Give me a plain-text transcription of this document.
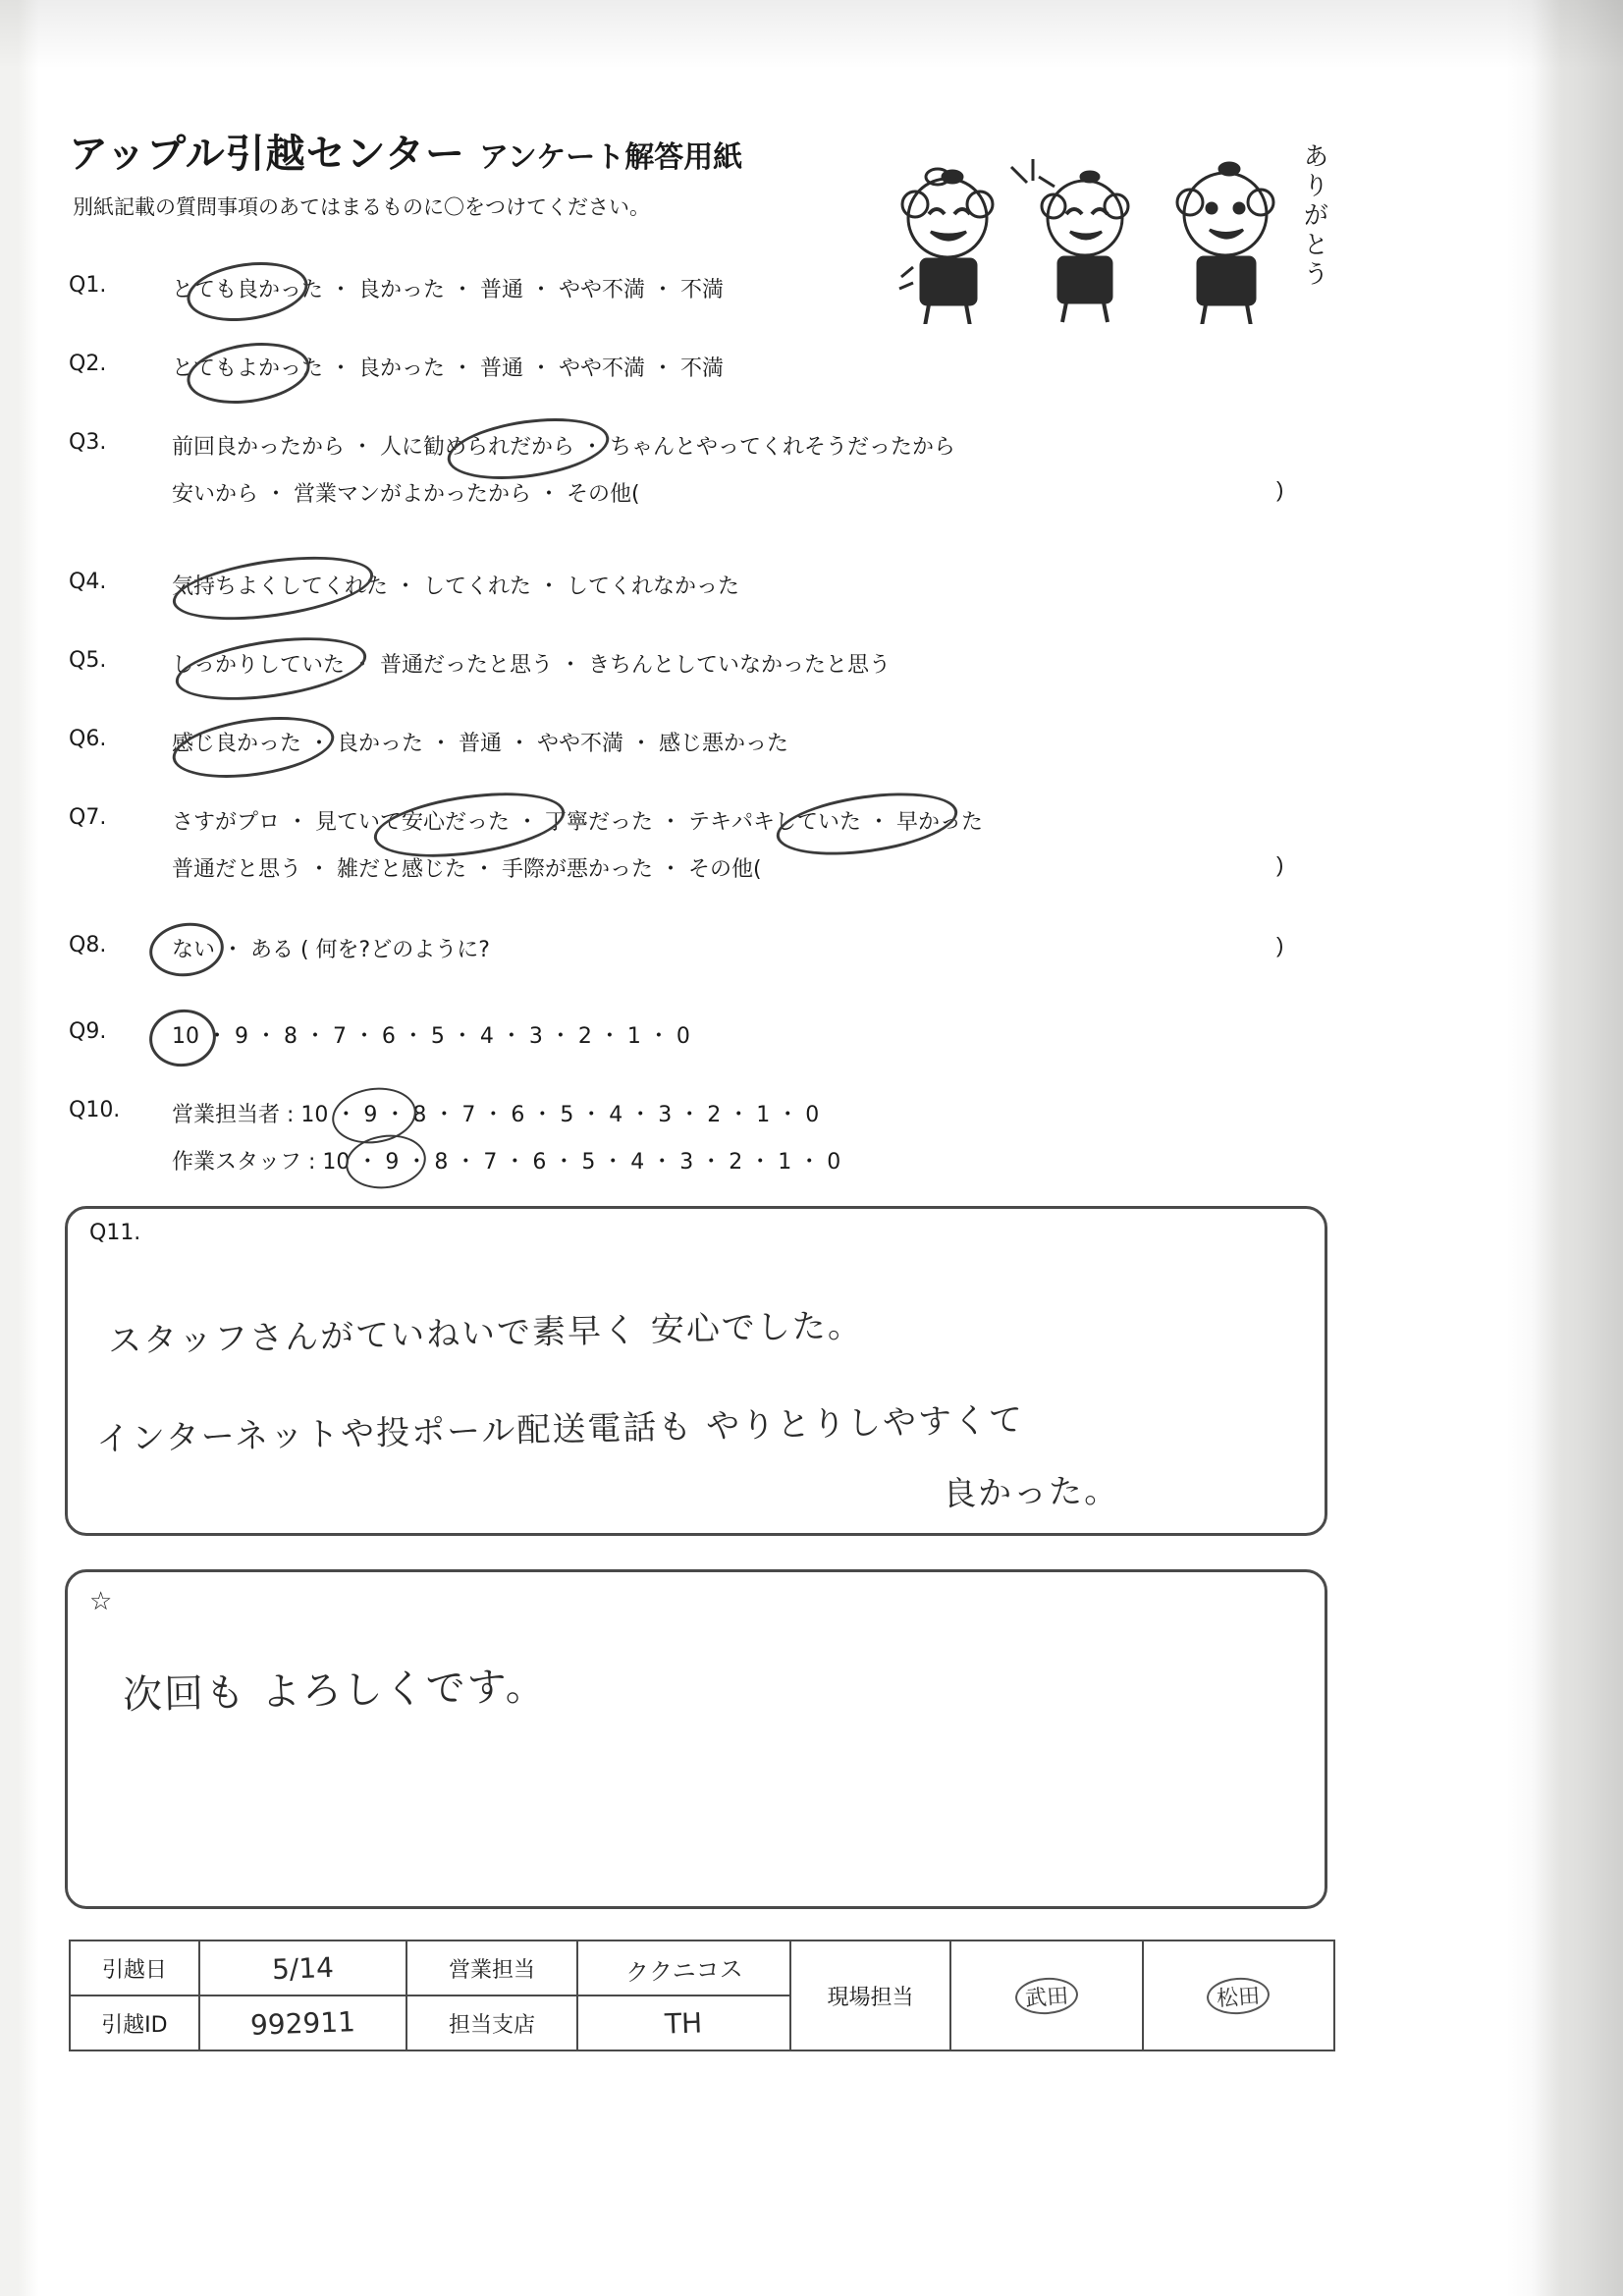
アップル引越センター アンケート解答用紙
別紙記載の質問事項のあてはまるものに〇をつけてください。	ありがとう
Q1.	とても良かった ・ 良かった ・ 普通 ・ やや不満 ・ 不満
Q2.	とてもよかった ・ 良かった ・ 普通 ・ やや不満 ・ 不満
Q3.	前回良かったから ・ 人に勧められだから ・ ちゃんとやってくれそうだったから
安いから ・ 営業マンがよかったから ・ その他(	)
Q4.	気持ちよくしてくれた ・ してくれた ・ してくれなかった
Q5.	しっかりしていた ・ 普通だったと思う ・ きちんとしていなかったと思う
Q6.	感じ良かった ・ 良かった ・ 普通 ・ やや不満 ・ 感じ悪かった
Q7.	さすがプロ ・ 見ていて安心だった ・ 丁寧だった ・ テキパキしていた ・ 早かった
普通だと思う ・ 雑だと感じた ・ 手際が悪かった ・ その他(	)
Q8.	ない ・ ある ( 何を?どのように?	)
Q9.	10 ・ 9 ・ 8 ・ 7 ・ 6 ・ 5 ・ 4 ・ 3 ・ 2 ・ 1 ・ 0
Q10.	営業担当者 : 10 ・ 9 ・ 8 ・ 7 ・ 6 ・ 5 ・ 4 ・ 3 ・ 2 ・ 1 ・ 0
作業スタッフ : 10 ・ 9 ・ 8 ・ 7 ・ 6 ・ 5 ・ 4 ・ 3 ・ 2 ・ 1 ・ 0
Q11.
スタッフさんがていねいで素早く 安心でした。
インターネットや投ポール配送電話も やりとりしやすくて
良かった。
☆
次回も よろしくです。
引越日	5/14	営業担当	ククニコス	現場担当	武田	松田
引越ID	992911	担当支店	TH			
